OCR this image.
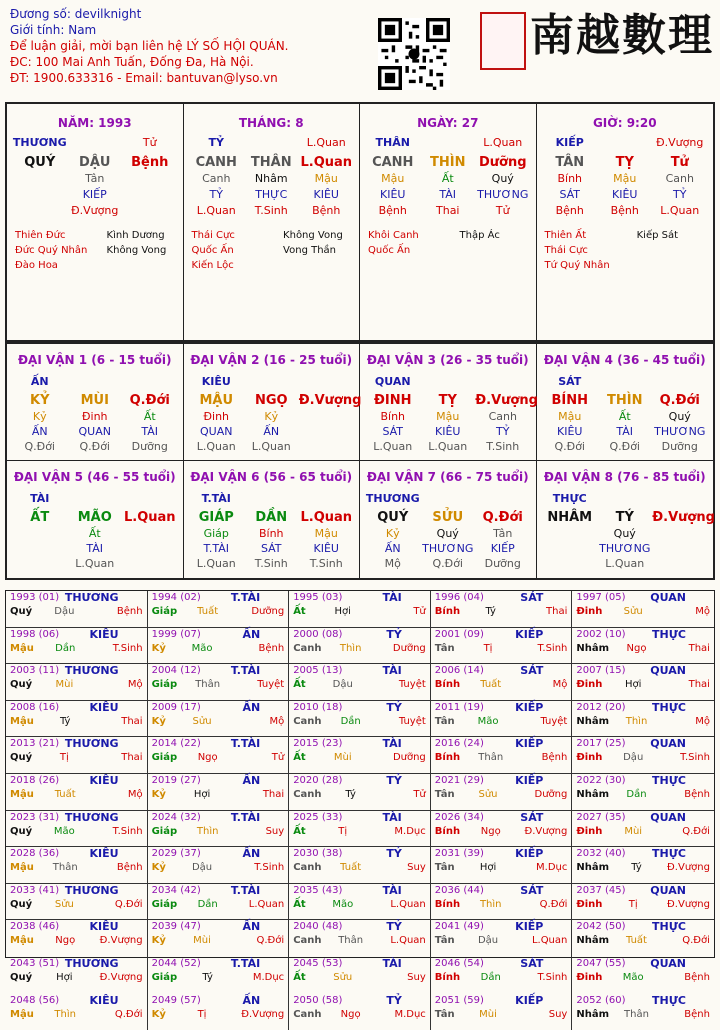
Đương số: devilknight
Giới tính: Nam
Để luận giải, mời bạn liên hệ LÝ SỐ HỘI QUÁN.
ĐC: 100 Mai Anh Tuấn, Đống Đa, Hà Nội.
ĐT: 1900.633316 - Email: bantuvan@lyso.vn
南越數理
NĂM: 1993
THƯƠNG	Tử
QUÝ	DẬU	Bệnh
Tân
KIẾP
Đ.Vượng
Thiên Đức
Đức Quý Nhân
Đào Hoa
Kình Dương
Không Vong
THÁNG: 8
TỶ	L.Quan
CANH	THÂN L.Quan
Canh	Nhâm	Mậu
TỶ	THỰC	KIÊU
L.Quan	T.Sinh	Bệnh
Thái Cực
Quốc Ấn
Kiến Lộc
Không Vong
Vong Thần
NGÀY: 27
THÂN	L.Quan
CANH	THÌN	Dưỡng
Mậu	Ất	Quý
KIÊU	TÀI	THƯƠNG
Bệnh	Thai	Tử
Khôi Canh
Quốc Ấn
Thập Ác
GIỜ: 9:20
KIẾP	Đ.Vượng
TÂN	TỴ	Tử
Bính	Mậu	Canh
SÁT	KIÊU	TỶ
Bệnh	Bệnh	L.Quan
Thiên Ất
Thái Cực
Tứ Quý Nhân
Kiếp Sát
ĐẠI VẬN 1 (6 - 15 tuổi)
ẤN
KỶ	MÙI	Q.Đới
Kỷ	Đinh	Ất
ẤN	QUAN	TÀI
Q.Đới	Q.Đới	Dưỡng
ĐẠI VẬN 2 (16 - 25 tuổi)
KIÊU
MẬU	NGỌ Đ.Vượng
Đinh	Kỷ
QUAN	ẤN
L.Quan	L.Quan
ĐẠI VẬN 3 (26 - 35 tuổi)
QUAN
ĐINH	TỴ	Đ.Vượng
Bính	Mậu	Canh
SÁT	KIÊU	TỶ
L.Quan	L.Quan	T.Sinh
ĐẠI VẬN 4 (36 - 45 tuổi)
SÁT
BÍNH	THÌN	Q.Đới
Mậu	Ất	Quý
KIÊU	TÀI	THƯƠNG
Q.Đới	Q.Đới	Dưỡng
ĐẠI VẬN 5 (46 - 55 tuổi)
TÀI
ẤT	MÃO L.Quan
Ất
TÀI
L.Quan
ĐẠI VẬN 6 (56 - 65 tuổi)
T.TÀI
GIÁP	DẦN	L.Quan
Giáp	Bính	Mậu
T.TÀI	SÁT	KIÊU
L.Quan	T.Sinh	T.Sinh
ĐẠI VẬN 7 (66 - 75 tuổi)
THƯƠNG
QUÝ	SỬU	Q.Đới
Kỷ	Quý	Tân
ẤN	THƯƠNG	KIẾP
Mộ	Q.Đới	Dưỡng
ĐẠI VẬN 8 (76 - 85 tuổi)
THỰC
NHÂM	TÝ	Đ.Vượng
Quý
THƯƠNG
L.Quan
1993 (01) THƯƠNG
Quý Dậu	Bệnh
1994 (02)	T.TÀI
Giáp Tuất	Dưỡng
1995 (03)	TÀI
Ất	Hợi	Tử
1996 (04)	SÁT
Bính	Tý	Thai
1997 (05) QUAN
Đinh Sửu	Mộ
1998 (06)	KIÊU
Mậu Dần	T.Sinh
1999 (07)	ẤN
Kỷ	Mão	Bệnh
2000 (08)	TỶ
Canh Thìn	Dưỡng
2001 (09)	KIẾP
Tân	Tị	T.Sinh
2002 (10) THỰC
Nhâm Ngọ	Thai
2003 (11) THƯƠNG
Quý Mùi	Mộ
2004 (12)	T.TÀI
Giáp Thân	Tuyệt
2005 (13)	TÀI
Ất	Dậu	Tuyệt
2006 (14)	SÁT
Bính Tuất	Mộ
2007 (15) QUAN
Đinh Hợi	Thai
2008 (16)	KIÊU
Mậu	Tý	Thai
2009 (17)	ẤN
Kỷ	Sửu	Mộ
2010 (18)	TỶ
Canh Dần	Tuyệt
2011 (19)	KIẾP
Tân Mão	Tuyệt
2012 (20) THỰC
Nhâm Thìn	Mộ
2013 (21) THƯƠNG
Quý	Tị	Thai
2014 (22)	T.TÀI
Giáp Ngọ	Tử
2015 (23)	TÀI
Ất	Mùi	Dưỡng
2016 (24)	KIẾP
Bính Thân	Bệnh
2017 (25) QUAN
Đinh Dậu	T.Sinh
2018 (26)	KIÊU
Mậu Tuất	Mộ
2019 (27)	ẤN
Kỷ	Hợi	Thai
2020 (28)	TỶ
Canh Tý	Tử
2021 (29)	KIẾP
Tân Sửu	Dưỡng
2022 (30) THỰC
Nhâm Dần	Bệnh
2023 (31) THƯƠNG
Quý Mão	T.Sinh
2024 (32)	T.TÀI
Giáp Thìn	Suy
2025 (33)	TÀI
Ất	Tị	M.Dục
2026 (34)	SÁT
Bính Ngọ	Đ.Vượng
2027 (35) QUAN
Đinh Mùi	Q.Đới
2028 (36)	KIÊU
Mậu Thân	Bệnh
2029 (37)	ẤN
Kỷ	Dậu	T.Sinh
2030 (38)	TỶ
Canh Tuất	Suy
2031 (39)	KIẾP
Tân	Hợi	M.Dục
2032 (40) THỰC
Nhâm Tý	Đ.Vượng
2033 (41) THƯƠNG
Quý Sửu	Q.Đới
2034 (42)	T.TÀI
Giáp Dần	L.Quan
2035 (43)	TÀI
Ất	Mão	L.Quan
2036 (44)	SÁT
Bính Thìn	Q.Đới
2037 (45) QUAN
Đinh	Tị	Đ.Vượng
2038 (46)	KIÊU
Mậu Ngọ	Đ.Vượng
2039 (47)	ẤN
Kỷ	Mùi	Q.Đới
2040 (48)	TỶ
Canh Thân	L.Quan
2041 (49)	KIẾP
Tân Dậu	L.Quan
2042 (50) THỰC
Nhâm Tuất	Q.Đới
2043 (51) THƯƠNG
Quý Hợi	Đ.Vượng
2044 (52)	T.TÀI
Giáp	Tý	M.Dục
2045 (53)	TÀI
Ất	Sửu	Suy
2046 (54)	SÁT
Bính Dần	T.Sinh
2047 (55) QUAN
Đinh Mão	Bệnh
2048 (56)	KIÊU
Mậu Thìn	Q.Đới
2049 (57)	ẤN
Kỷ	Tị	Đ.Vượng
2050 (58)	TỶ
Canh Ngọ	M.Dục
2051 (59)	KIẾP
Tân Mùi	Suy
2052 (60) THỰC
Nhâm Thân	Bệnh
